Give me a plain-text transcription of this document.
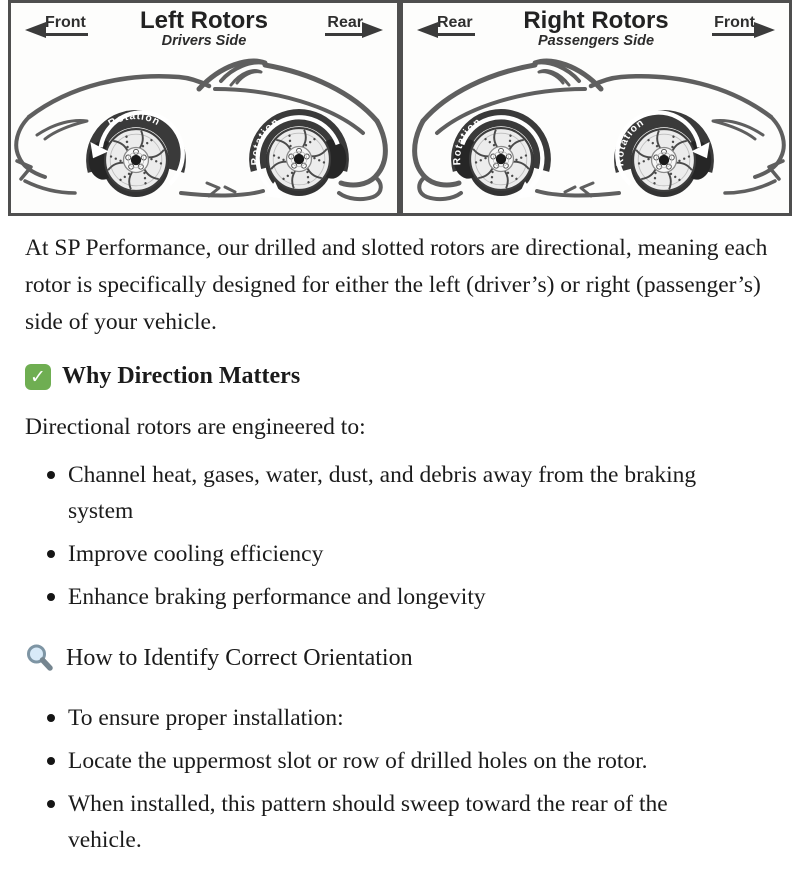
Front	Left Rotors
Drivers Side
Rear
Rotation
Rotation
Rear	Right Rotors
Passengers Side
Front
Rotation
Rotation

At SP Performance, our drilled and slotted rotors are directional, meaning each rotor is specifically designed for either the left (driver’s) or right (passenger’s) side of your vehicle.

✓ Why Direction Matters

Directional rotors are engineered to:

Channel heat, gases, water, dust, and debris away from the braking system
Improve cooling efficiency
Enhance braking performance and longevity
How to Identify Correct Orientation
To ensure proper installation:
Locate the uppermost slot or row of drilled holes on the rotor.
When installed, this pattern should sweep toward the rear of the vehicle.
